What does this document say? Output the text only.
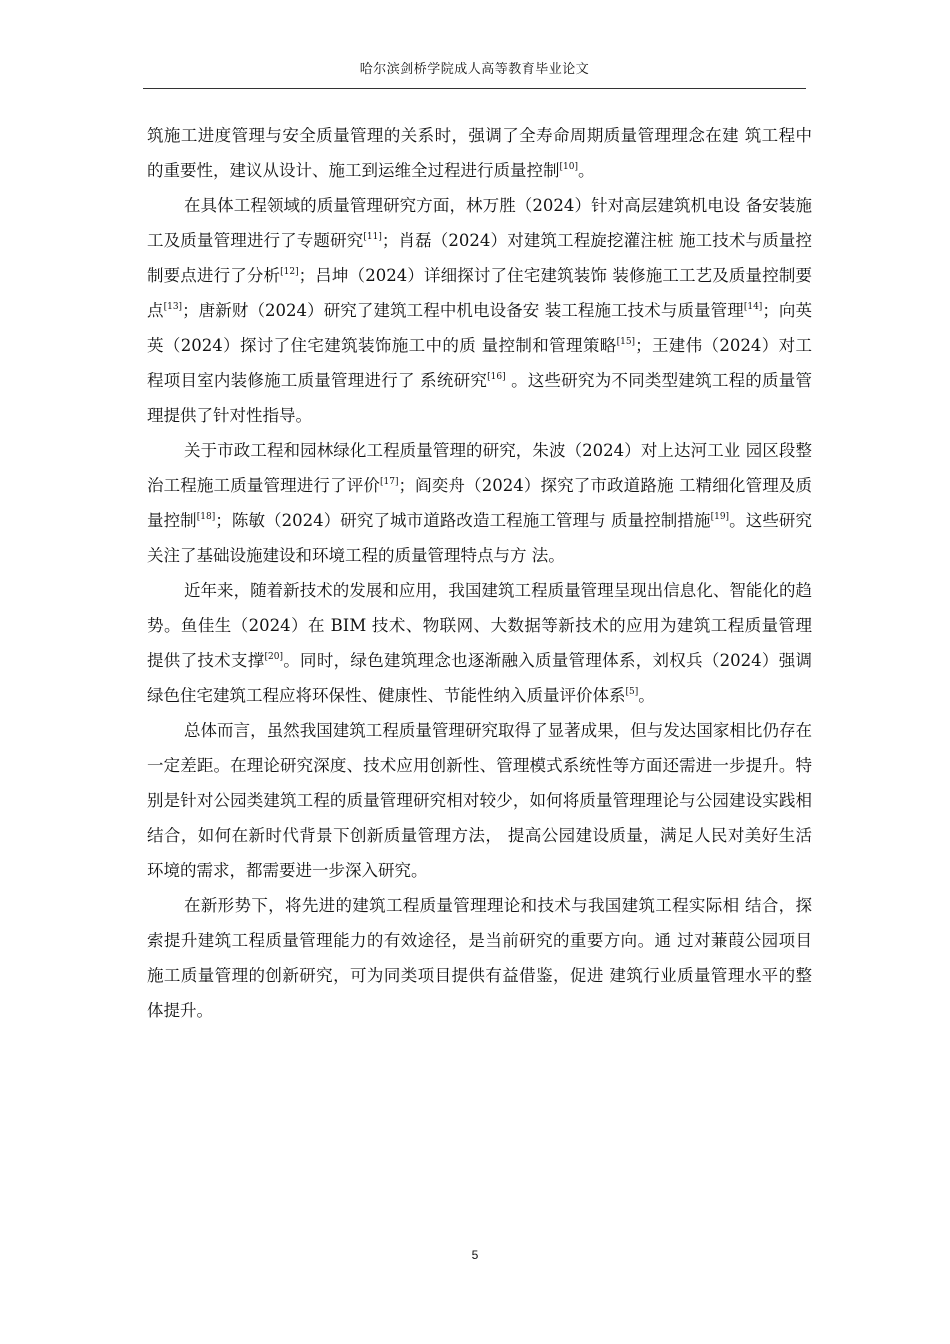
哈尔滨剑桥学院成人高等教育毕业论文

筑施工进度管理与安全质量管理的关系时，强调了全寿命周期质量管理理念在建 筑工程中的重要性，建议从设计、施工到运维全过程进行质量控制[10]。

在具体工程领域的质量管理研究方面，林万胜（2024）针对高层建筑机电设 备安装施工及质量管理进行了专题研究[11]；肖磊（2024）对建筑工程旋挖灌注桩 施工技术与质量控制要点进行了分析[12]；吕坤（2024）详细探讨了住宅建筑装饰 装修施工工艺及质量控制要点[13]；唐新财（2024）研究了建筑工程中机电设备安 装工程施工技术与质量管理[14]；向英英（2024）探讨了住宅建筑装饰施工中的质 量控制和管理策略[15]；王建伟（2024）对工程项目室内装修施工质量管理进行了 系统研究[16] 。这些研究为不同类型建筑工程的质量管理提供了针对性指导。

关于市政工程和园林绿化工程质量管理的研究，朱波（2024）对上达河工业 园区段整治工程施工质量管理进行了评价[17]；阎奕舟（2024）探究了市政道路施 工精细化管理及质量控制[18]；陈敏（2024）研究了城市道路改造工程施工管理与 质量控制措施[19]。这些研究关注了基础设施建设和环境工程的质量管理特点与方 法。

近年来，随着新技术的发展和应用，我国建筑工程质量管理呈现出信息化、智能化的趋势。鱼佳生（2024）在 BIM 技术、物联网、大数据等新技术的应用为建筑工程质量管理提供了技术支撑[20]。同时，绿色建筑理念也逐渐融入质量管理体系，刘权兵（2024）强调绿色住宅建筑工程应将环保性、健康性、节能性纳入质量评价体系[5]。

总体而言，虽然我国建筑工程质量管理研究取得了显著成果，但与发达国家相比仍存在一定差距。在理论研究深度、技术应用创新性、管理模式系统性等方面还需进一步提升。特别是针对公园类建筑工程的质量管理研究相对较少，如何将质量管理理论与公园建设实践相结合，如何在新时代背景下创新质量管理方法， 提高公园建设质量，满足人民对美好生活环境的需求，都需要进一步深入研究。

在新形势下，将先进的建筑工程质量管理理论和技术与我国建筑工程实际相 结合，探索提升建筑工程质量管理能力的有效途径，是当前研究的重要方向。通 过对蒹葭公园项目施工质量管理的创新研究，可为同类项目提供有益借鉴，促进 建筑行业质量管理水平的整体提升。

5
